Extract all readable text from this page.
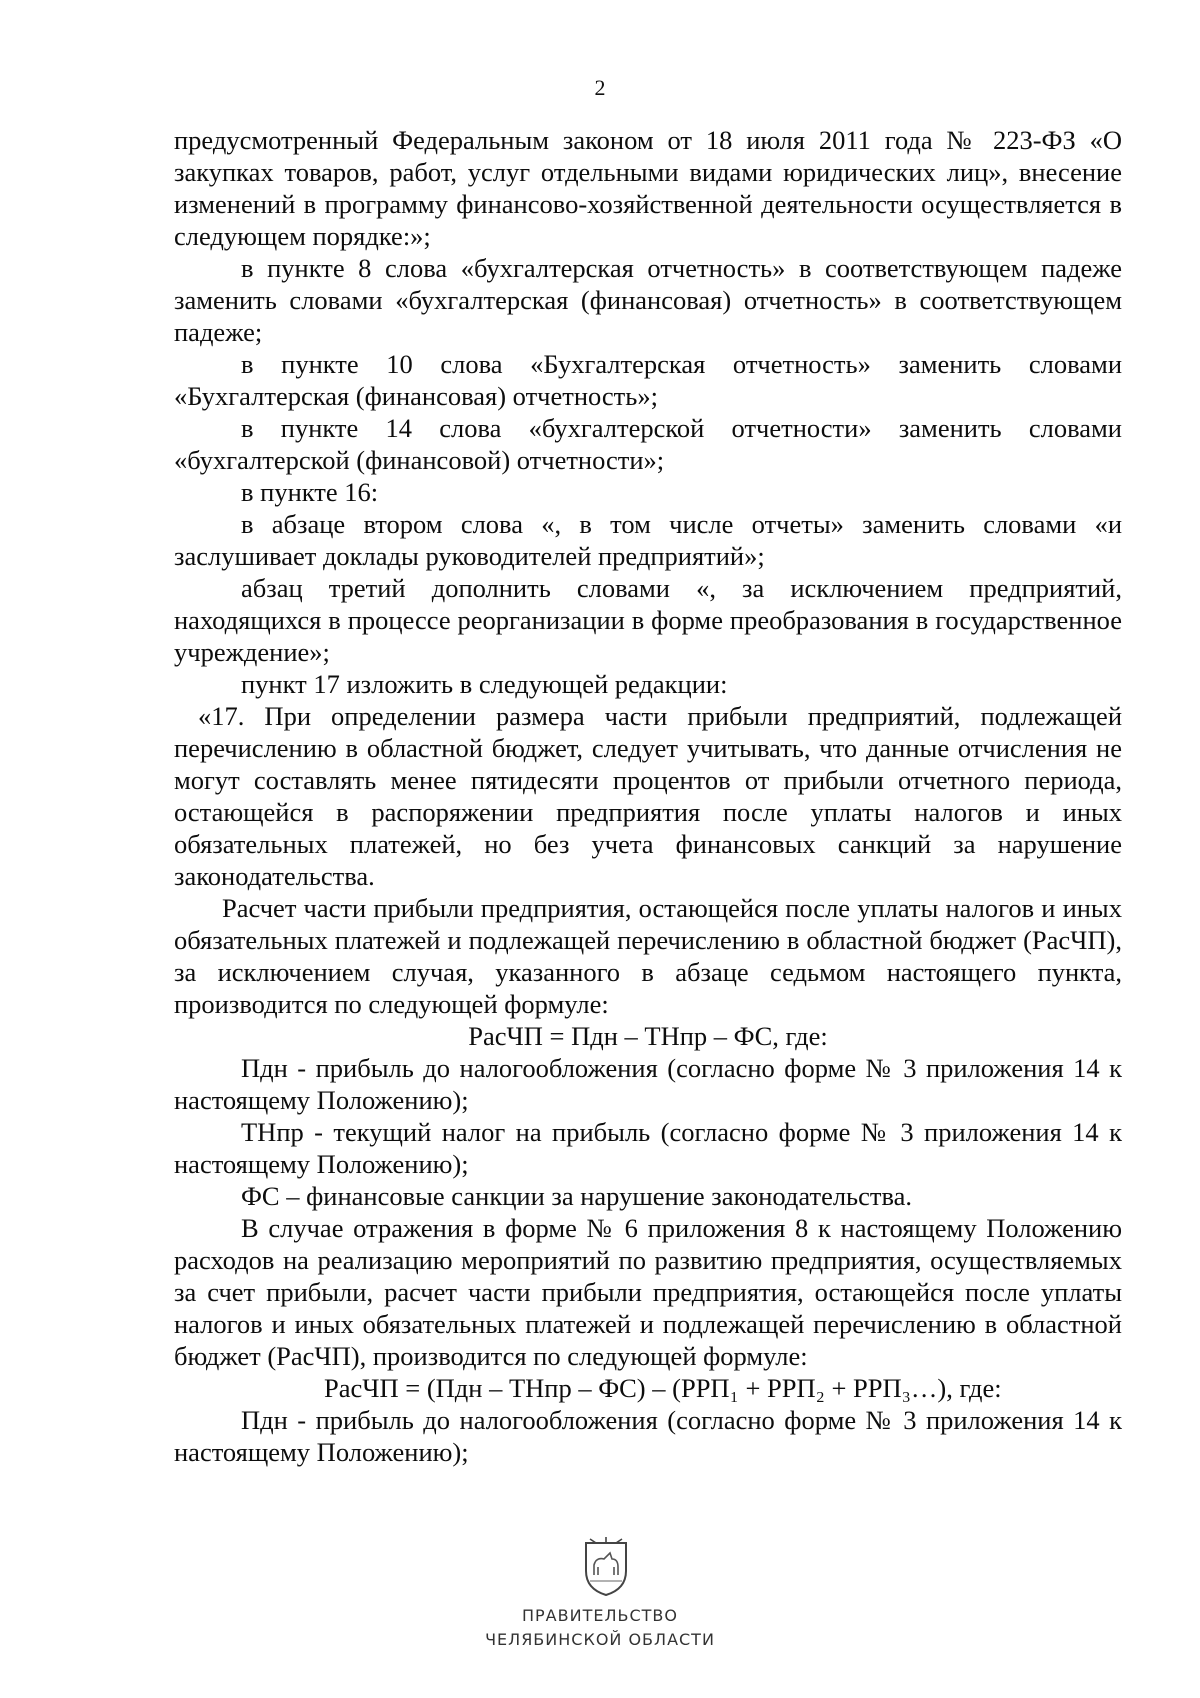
2

предусмотренный Федеральным законом от 18 июля 2011 года № 223-ФЗ «О закупках товаров, работ, услуг отдельными видами юридических лиц», внесение изменений в программу финансово-хозяйственной деятельности осуществляется в следующем порядке:»;

в пункте 8 слова «бухгалтерская отчетность» в соответствующем падеже заменить словами «бухгалтерская (финансовая) отчетность» в соответствующем падеже;

в пункте 10 слова «Бухгалтерская отчетность» заменить словами «Бухгалтерская (финансовая) отчетность»;

в пункте 14 слова «бухгалтерской отчетности» заменить словами «бухгалтерской (финансовой) отчетности»;

в пункте 16:

в абзаце втором слова «, в том числе отчеты» заменить словами «и заслушивает доклады руководителей предприятий»;

абзац третий дополнить словами «, за исключением предприятий, находящихся в процессе реорганизации в форме преобразования в государственное учреждение»;

пункт 17 изложить в следующей редакции:

«17. При определении размера части прибыли предприятий, подлежащей перечислению в областной бюджет, следует учитывать, что данные отчисления не могут составлять менее пятидесяти процентов от прибыли отчетного периода, остающейся в распоряжении предприятия после уплаты налогов и иных обязательных платежей, но без учета финансовых санкций за нарушение законодательства.

Расчет части прибыли предприятия, остающейся после уплаты налогов и иных обязательных платежей и подлежащей перечислению в областной бюджет (РасЧП), за исключением случая, указанного в абзаце седьмом настоящего пункта, производится по следующей формуле:

РасЧП = Пдн – ТНпр – ФС, где:

Пдн - прибыль до налогообложения (согласно форме № 3 приложения 14 к настоящему Положению);

ТНпр - текущий налог на прибыль (согласно форме № 3 приложения 14 к настоящему Положению);

ФС – финансовые санкции за нарушение законодательства.

В случае отражения в форме № 6 приложения 8 к настоящему Положению расходов на реализацию мероприятий по развитию предприятия, осуществляемых за счет прибыли, расчет части прибыли предприятия, остающейся после уплаты налогов и иных обязательных платежей и подлежащей перечислению в областной бюджет (РасЧП), производится по следующей формуле:

РасЧП = (Пдн – ТНпр – ФС) – (РРП₁ + РРП₂ + РРП₃…), где:

Пдн - прибыль до налогообложения (согласно форме № 3 приложения 14 к настоящему Положению);

ПРАВИТЕЛЬСТВО
ЧЕЛЯБИНСКОЙ ОБЛАСТИ
